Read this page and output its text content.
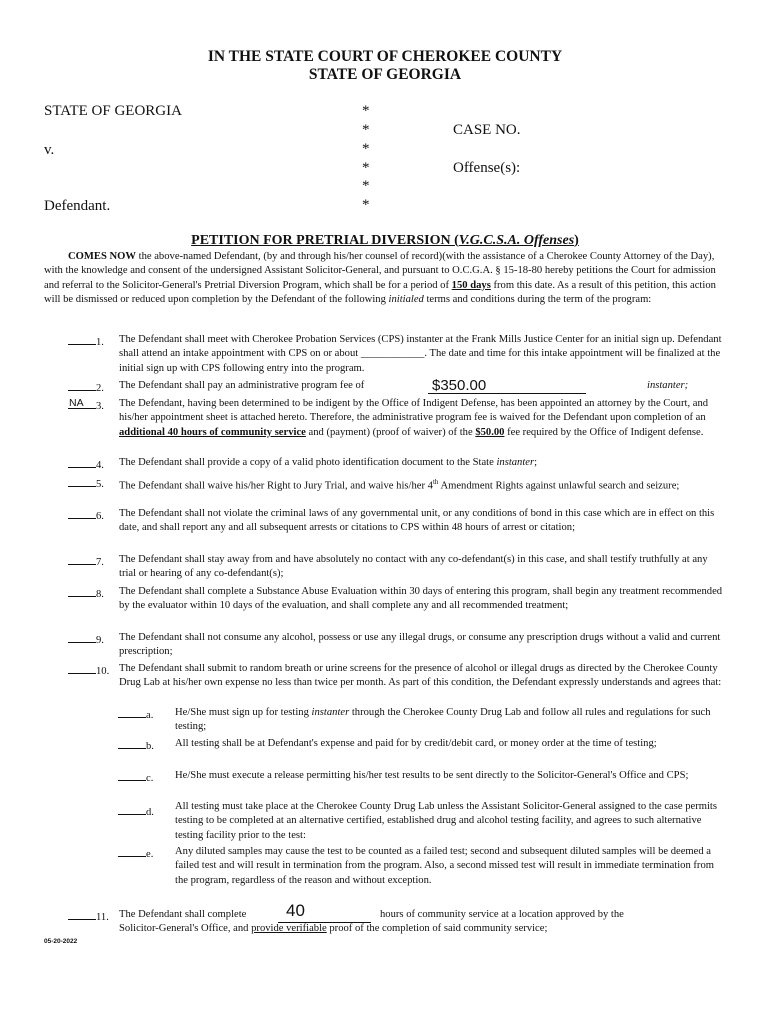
IN THE STATE COURT OF CHEROKEE COUNTY
STATE OF GEORGIA
STATE OF GEORGIA
v.
Defendant.
CASE NO.
Offense(s):
*
*
*
*
*
*
PETITION FOR PRETRIAL DIVERSION (V.G.C.S.A. Offenses)
COMES NOW the above-named Defendant, (by and through his/her counsel of record)(with the assistance of a Cherokee County Attorney of the Day), with the knowledge and consent of the undersigned Assistant Solicitor-General, and pursuant to O.C.G.A. § 15-18-80 hereby petitions the Court for admission and referral to the Solicitor-General's Pretrial Diversion Program, which shall be for a period of 150 days from this date. As a result of this petition, this action will be dismissed or reduced upon completion by the Defendant of the following initialed terms and conditions during the term of the program:
1.	The Defendant shall meet with Cherokee Probation Services (CPS) instanter at the Frank Mills Justice Center for an initial sign up. Defendant shall attend an intake appointment with CPS on or about ____________. The date and time for this intake appointment will be finalized at the initial sign up with CPS following entry into the program.
2.	The Defendant shall pay an administrative program fee of	$350.00	instanter;
3.	The Defendant, having been determined to be indigent by the Office of Indigent Defense, has been appointed an attorney by the Court, and his/her appointment sheet is attached hereto. Therefore, the administrative program fee is waived for the Defendant upon completion of an additional 40 hours of community service and (payment) (proof of waiver) of the $50.00 fee required by the Office of Indigent defense.
NA
4.	The Defendant shall provide a copy of a valid photo identification document to the State instanter;
5.	The Defendant shall waive his/her Right to Jury Trial, and waive his/her 4th Amendment Rights against unlawful search and seizure;
6.	The Defendant shall not violate the criminal laws of any governmental unit, or any conditions of bond in this case which are in effect on this date, and shall report any and all subsequent arrests or citations to CPS within 48 hours of arrest or citation;
7.	The Defendant shall stay away from and have absolutely no contact with any co-defendant(s) in this case, and shall testify truthfully at any trial or hearing of any co-defendant(s);
8.	The Defendant shall complete a Substance Abuse Evaluation within 30 days of entering this program, shall begin any treatment recommended by the evaluator within 10 days of the evaluation, and shall complete any and all recommended treatment;
9.	The Defendant shall not consume any alcohol, possess or use any illegal drugs, or consume any prescription drugs without a valid and current prescription;
10. The Defendant shall submit to random breath or urine screens for the presence of alcohol or illegal drugs as directed by the Cherokee County Drug Lab at his/her own expense no less than twice per month. As part of this condition, the Defendant expressly understands and agrees that:
a.	He/She must sign up for testing instanter through the Cherokee County Drug Lab and follow all rules and regulations for such testing;
b.	All testing shall be at Defendant's expense and paid for by credit/debit card, or money order at the time of testing;
c.	He/She must execute a release permitting his/her test results to be sent directly to the Solicitor-General's Office and CPS;
d.
All testing must take place at the Cherokee County Drug Lab unless the Assistant Solicitor-General assigned to the case permits testing to be completed at an alternative certified, established drug and alcohol testing facility, and agrees to such alternative testing facility prior to the test:
e.	Any diluted samples may cause the test to be counted as a failed test; second and subsequent diluted samples will be deemed a failed test and will result in termination from the program. Also, a second missed test will result in immediate termination from the program, regardless of the reason and without exception.
11. The Defendant shall complete	40	hours of community service at a location approved by the
Solicitor-General's Office, and provide verifiable proof of the completion of said community service;
05-20-2022
